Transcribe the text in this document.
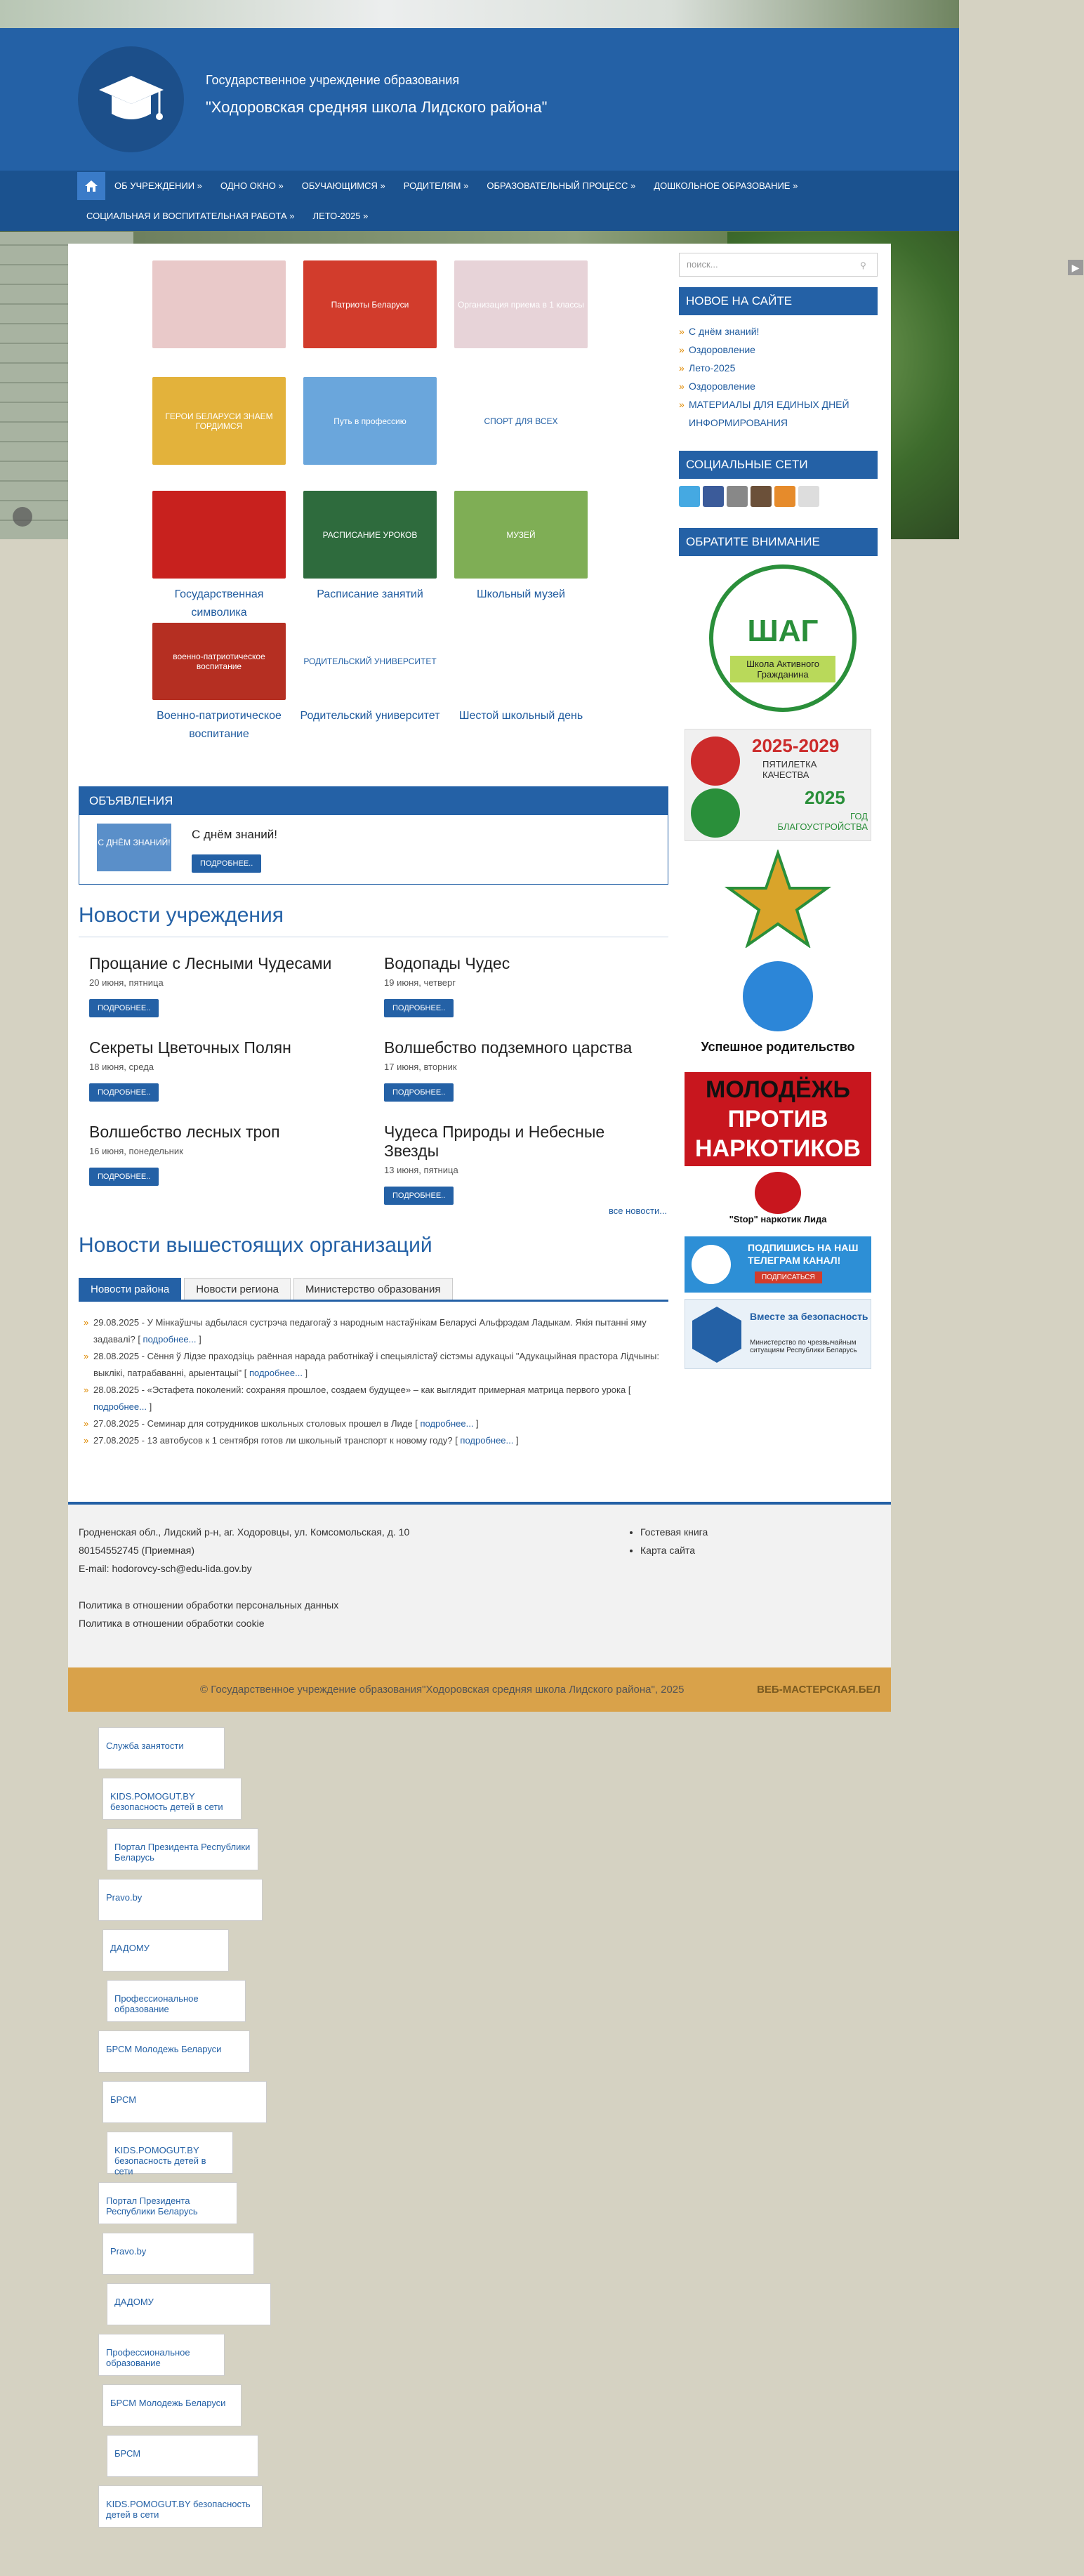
Государственное учреждение образования
"Ходоровская средняя школа Лидского района"
ОБ УЧРЕЖДЕНИИ »	ОДНО ОКНО »	ОБУЧАЮЩИМСЯ »	РОДИТЕЛЯМ »	ОБРАЗОВАТЕЛЬНЫЙ ПРОЦЕСС »	ДОШКОЛЬНОЕ ОБРАЗОВАНИЕ »
СОЦИАЛЬНАЯ И ВОСПИТАТЕЛЬНАЯ РАБОТА »	ЛЕТО-2025 »
▶
Патриоты Беларуси	Организация приема в 1 классы
ГЕРОИ БЕЛАРУСИ ЗНАЕМ ГОРДИМСЯ	Путь в профессию	СПОРТ ДЛЯ ВСЕХ
Государственная символика
РАСПИСАНИЕ УРОКОВ
Расписание занятий
МУЗЕЙ
Школьный музей
военно-патриотическое воспитание
Военно-патриотическое воспитание
РОДИТЕЛЬСКИЙ УНИВЕРСИТЕТ
Родительский университет	Шестой школьный день
ОБЪЯВЛЕНИЯ
С ДНЁМ ЗНАНИЙ!
С днём знаний!
ПОДРОБНЕЕ..
Новости учреждения
Прощание с Лесными Чудесами
20 июня, пятница
ПОДРОБНЕЕ..
Водопады Чудес
19 июня, четверг
ПОДРОБНЕЕ..
Секреты Цветочных Полян
18 июня, среда
ПОДРОБНЕЕ..
Волшебство подземного царства
17 июня, вторник
ПОДРОБНЕЕ..
Волшебство лесных троп
16 июня, понедельник
ПОДРОБНЕЕ..
Чудеса Природы и Небесные Звезды
13 июня, пятница
ПОДРОБНЕЕ..
все новости...
Новости вышестоящих организаций
Новости района	Новости региона	Министерство образования
» 29.08.2025 - У Мінкаўшчы адбылася сустрэча педагогаў з народным настаўнікам Беларусі Альфрэдам Ладыкам. Якія пытанні яму задавалі? [ подробнее... ]
» 28.08.2025 - Сёння ў Лідзе праходзіць раённая нарада работнікаў і спецыялістаў сістэмы адукацыі "Адукацыйная прастора Лідчыны: выклікі, патрабаванні, арыентацыі" [ подробнее... ]
» 28.08.2025 - «Эстафета поколений: сохраняя прошлое, создаем будущее» – как выглядит примерная матрица первого урока [ подробнее... ]
» 27.08.2025 - Семинар для сотрудников школьных столовых прошел в Лиде [ подробнее... ]
» 27.08.2025 - 13 автобусов к 1 сентября готов ли школьный транспорт к новому году? [ подробнее... ]
поиск...	⚲
НОВОЕ НА САЙТЕ
» С днём знаний!
» Оздоровление
» Лето-2025
» Оздоровление
» МАТЕРИАЛЫ ДЛЯ ЕДИНЫХ ДНЕЙ ИНФОРМИРОВАНИЯ
СОЦИАЛЬНЫЕ СЕТИ
ОБРАТИТЕ ВНИМАНИЕ
ШАГ
Школа Активного Гражданина
2025-2029
ПЯТИЛЕТКА КАЧЕСТВА
2025
ГОД БЛАГОУСТРОЙСТВА
Успешное родительство
МОЛОДЁЖЬ
ПРОТИВ
НАРКОТИКОВ
"Stop" наркотик Лида
ПОДПИШИСЬ НА НАШ
ТЕЛЕГРАМ КАНАЛ!
ПОДПИСАТЬСЯ
Вместе за безопасность
Министерство по чрезвычайным ситуациям Республики Беларусь

Гродненская обл., Лидский р-н, аг. Ходоровцы, ул. Комсомольская, д. 10

80154552745 (Приемная)

E-mail: hodorovcy-sch@edu-lida.gov.by

Политика в отношении обработки персональных данных

Политика в отношении обработки cookie

• Гостевая книга
• Карта сайта
© Государственное учреждение образования"Ходоровская средняя школа Лидского района", 2025	ВЕБ-МАСТЕРСКАЯ.БЕЛ
Служба занятости
KIDS.POMOGUT.BY безопасность детей в сети
Портал Президента Республики Беларусь
Pravo.by
ДАДОМУ
Профессиональное образование
БРСМ Молодежь Беларуси
БРСМ
KIDS.POMOGUT.BY безопасность детей в сети
Портал Президента Республики Беларусь
Pravo.by
ДАДОМУ
Профессиональное образование
БРСМ Молодежь Беларуси
БРСМ
KIDS.POMOGUT.BY безопасность детей в сети
